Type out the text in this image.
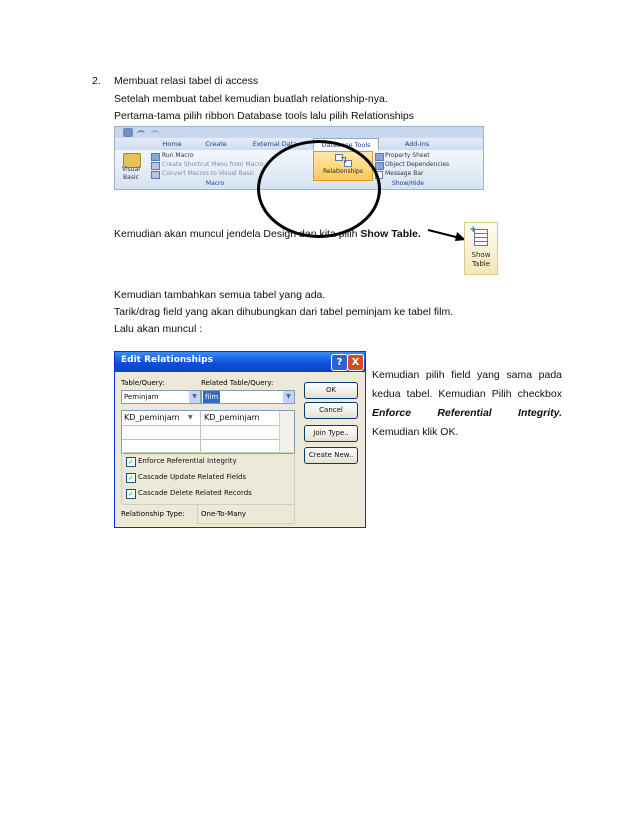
2. Membuat relasi tabel di access
Setelah membuat tabel kemudian buatlah relationship-nya.
Pertama-tama pilih ribbon Database tools lalu pilih Relationships
Home	Create	External Data	Database Tools	Add-Ins
Visual Basic
Run Macro
Create Shortcut Menu from Macro
Convert Macros to Visual Basic
Macro
Relationships
Property Sheet
Object Dependencies
Message Bar
Show/Hide
Kemudian akan muncul jendela Design dan kita pilih Show Table.	+
Show
Table
Kemudian tambahkan semua tabel yang ada.
Tarik/drag field yang akan dihubungkan dari tabel peminjam ke tabel film.
Lalu akan muncul :
Edit Relationships	? X
Table/Query:	Related Table/Query:
Peminjam	▼	film	▼
KD_peminjam ▼ KD_peminjam
OK
Cancel
Join Type..
Create New..
✓ Enforce Referential Integrity
✓ Cascade Update Related Fields
✓ Cascade Delete Related Records
Relationship Type: One-To-Many
Kemudian pilih field yang sama pada kedua tabel. Kemudian Pilih checkbox Enforce Referential Integrity. Kemudian klik OK.
